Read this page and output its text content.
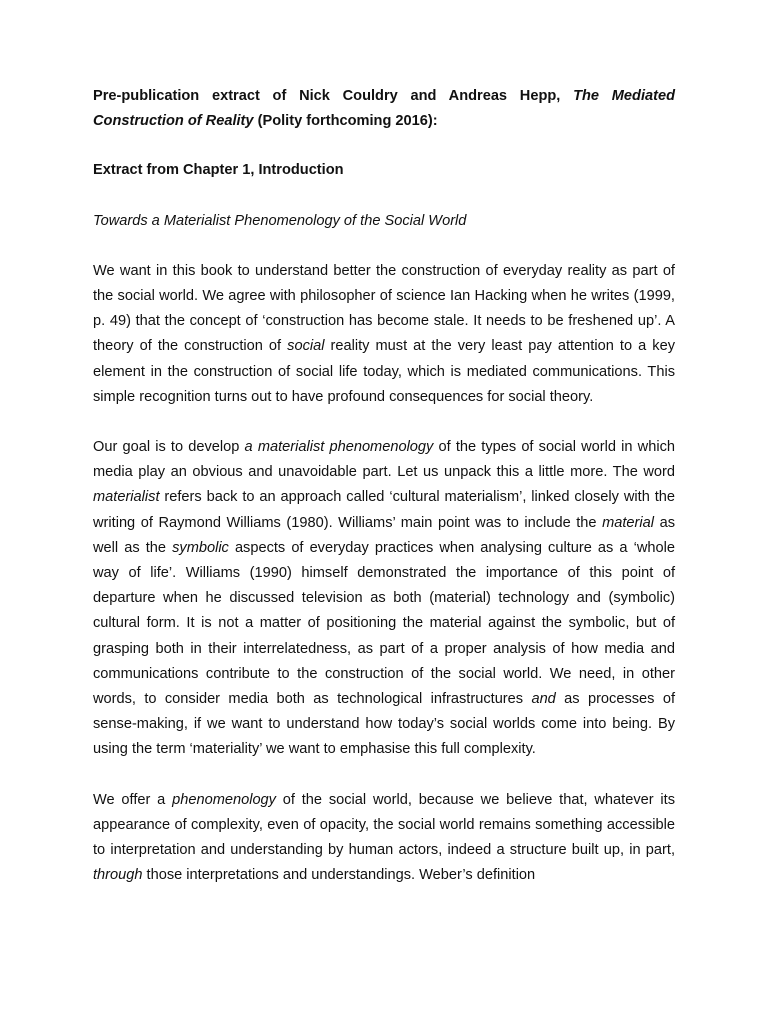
Pre-publication extract of Nick Couldry and Andreas Hepp, The Mediated Construction of Reality (Polity forthcoming 2016):

Extract from Chapter 1, Introduction

Towards a Materialist Phenomenology of the Social World

We want in this book to understand better the construction of everyday reality as part of the social world. We agree with philosopher of science Ian Hacking when he writes (1999, p. 49) that the concept of ‘construction has become stale. It needs to be freshened up’. A theory of the construction of social reality must at the very least pay attention to a key element in the construction of social life today, which is mediated communications. This simple recognition turns out to have profound consequences for social theory.

Our goal is to develop a materialist phenomenology of the types of social world in which media play an obvious and unavoidable part. Let us unpack this a little more. The word materialist refers back to an approach called ‘cultural materialism’, linked closely with the writing of Raymond Williams (1980). Williams’ main point was to include the material as well as the symbolic aspects of everyday practices when analysing culture as a ‘whole way of life’. Williams (1990) himself demonstrated the importance of this point of departure when he discussed television as both (material) technology and (symbolic) cultural form. It is not a matter of positioning the material against the symbolic, but of grasping both in their interrelatedness, as part of a proper analysis of how media and communications contribute to the construction of the social world. We need, in other words, to consider media both as technological infrastructures and as processes of sense-making, if we want to understand how today’s social worlds come into being. By using the term ‘materiality’ we want to emphasise this full complexity.

We offer a phenomenology of the social world, because we believe that, whatever its appearance of complexity, even of opacity, the social world remains something accessible to interpretation and understanding by human actors, indeed a structure built up, in part, through those interpretations and understandings. Weber’s definition
